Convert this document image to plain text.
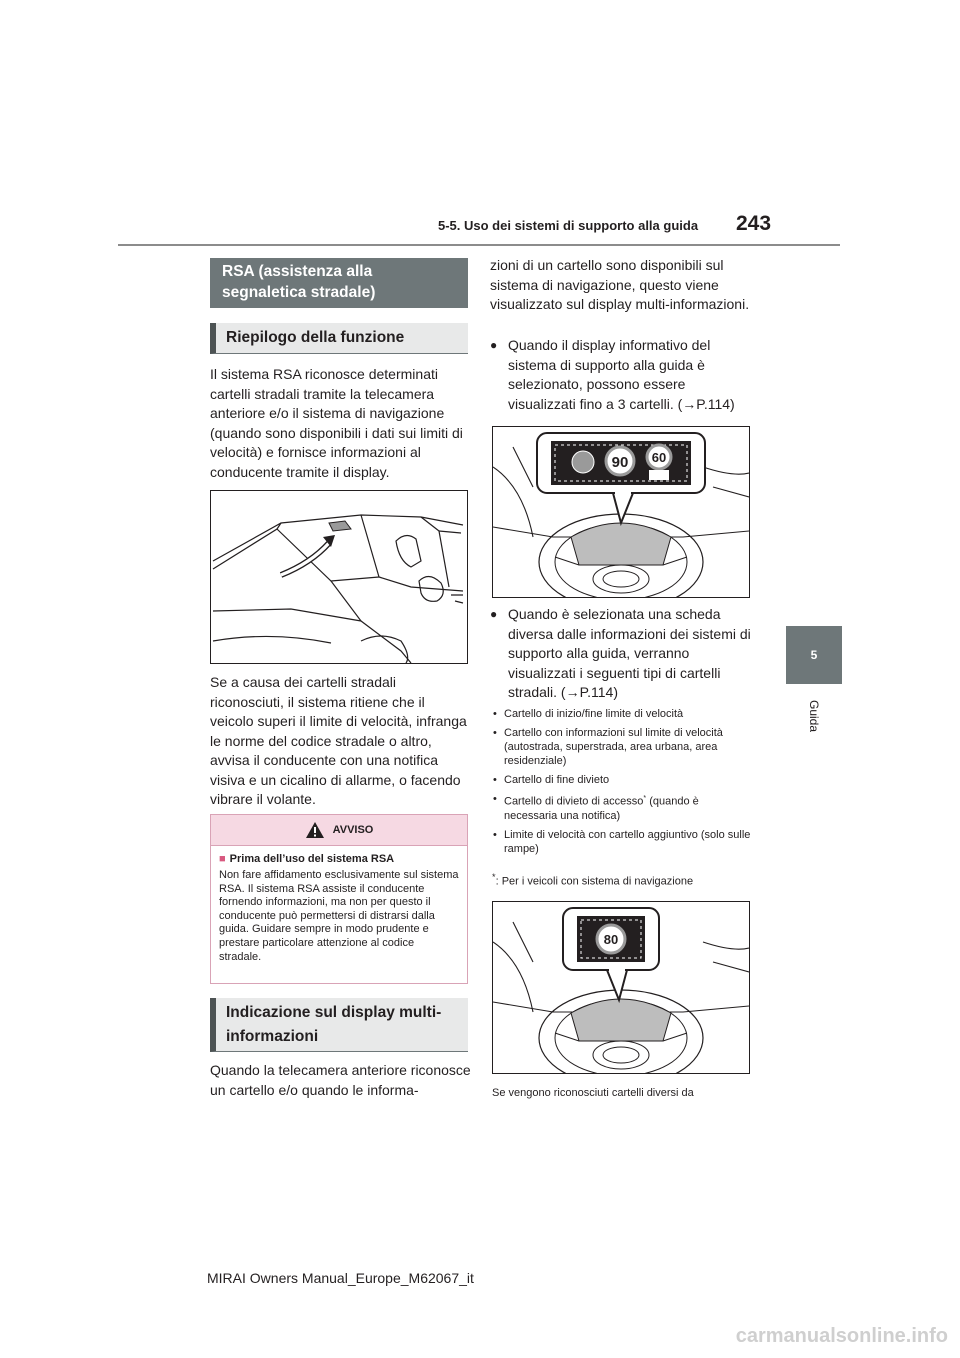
5-5. Uso dei sistemi di supporto alla guida 243
5
Guida
RSA (assistenza alla segnaletica stradale)
Riepilogo della funzione
Il sistema RSA riconosce determinati cartelli stradali tramite la telecamera anteriore e/o il sistema di navigazione (quando sono disponibili i dati sui limiti di velocità) e fornisce informazioni al conducente tramite il display.
Se a causa dei cartelli stradali riconosciuti, il sistema ritiene che il veicolo superi il limite di velocità, infranga le norme del codice stradale o altro, avvisa il conducente con una notifica visiva e un cicalino di allarme, o facendo vibrare il volante.
AVVISO
■ Prima dell’uso del sistema RSA
Non fare affidamento esclusivamente sul sistema RSA. Il sistema RSA assiste il conducente fornendo informazioni, ma non per questo il conducente può permettersi di distrarsi dalla guida. Guidare sempre in modo prudente e prestare particolare attenzione al codice stradale.
Indicazione sul display multi-informazioni
Quando la telecamera anteriore riconosce un cartello e/o quando le informa-
zioni di un cartello sono disponibili sul sistema di navigazione, questo viene visualizzato sul display multi-informazioni.
● Quando il display informativo del sistema di supporto alla guida è selezionato, possono essere visualizzati fino a 3 cartelli. (→P.114)
90 60
● Quando è selezionata una scheda diversa dalle informazioni dei sistemi di supporto alla guida, verranno visualizzati i seguenti tipi di cartelli stradali. (→P.114)
• Cartello di inizio/fine limite di velocità
• Cartello con informazioni sul limite di velocità (autostrada, superstrada, area urbana, area residenziale)
• Cartello di fine divieto
• Cartello di divieto di accesso* (quando è necessaria una notifica)
• Limite di velocità con cartello aggiuntivo (solo sulle rampe)
*: Per i veicoli con sistema di navigazione
80
Se vengono riconosciuti cartelli diversi da
MIRAI Owners Manual_Europe_M62067_it
carmanualsonline.info
